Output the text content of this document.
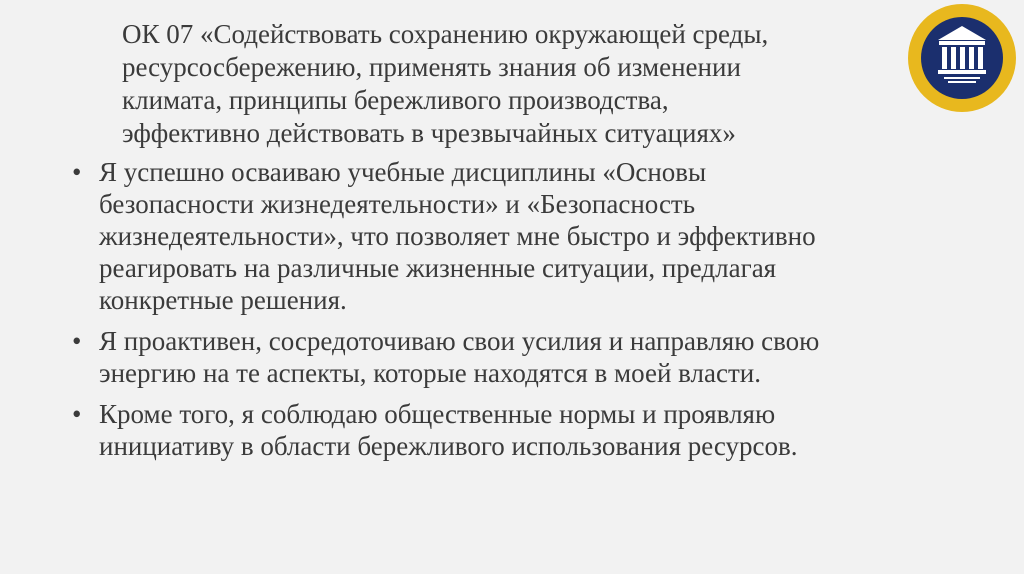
ОК 07 «Содействовать сохранению окружающей среды,
ресурсосбережению, применять знания об изменении
климата, принципы бережливого производства,
эффективно действовать в чрезвычайных ситуациях»
• Я успешно осваиваю учебные дисциплины «Основы
безопасности жизнедеятельности» и «Безопасность
жизнедеятельности», что позволяет мне быстро и эффективно
реагировать на различные жизненные ситуации, предлагая
конкретные решения.
• Я проактивен, сосредоточиваю свои усилия и направляю свою
энергию на те аспекты, которые находятся в моей власти.
• Кроме того, я соблюдаю общественные нормы и проявляю
инициативу в области бережливого использования ресурсов.
